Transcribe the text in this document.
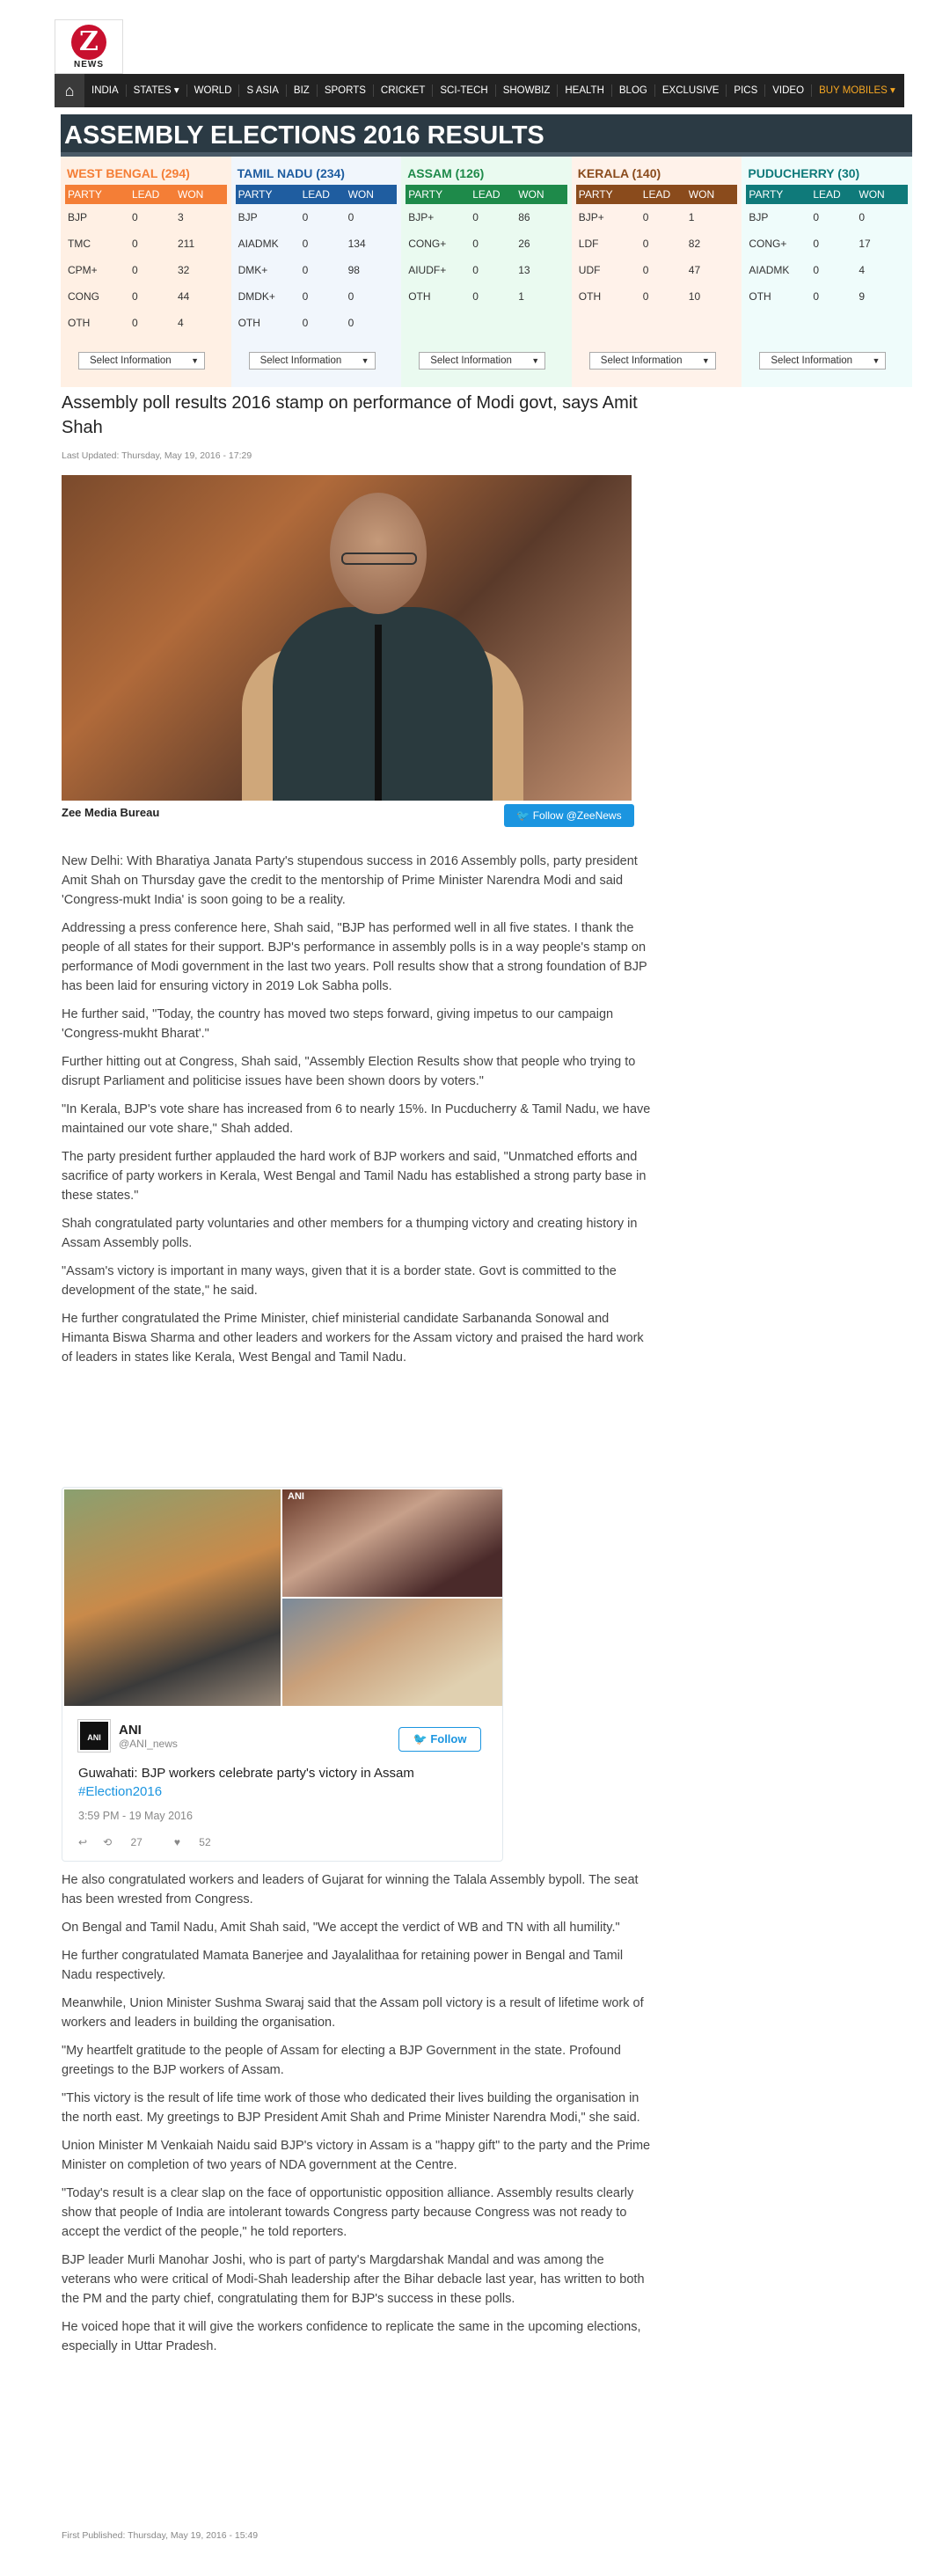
Z
NEWS
⌂	INDIA	STATES ▾	WORLD	S ASIA	BIZ	SPORTS	CRICKET	SCI-TECH	SHOWBIZ	HEALTH	BLOG	EXCLUSIVE	PICS	VIDEO	BUY MOBILES ▾
ASSEMBLY ELECTIONS 2016 RESULTS
WEST BENGAL (294)
PARTY	LEAD	WON
BJP	0	3
TMC	0	211
CPM+	0	32
CONG	0	44
OTH	0	4
Select Information ▼
TAMIL NADU (234)
PARTY	LEAD	WON
BJP	0	0
AIADMK	0	134
DMK+	0	98
DMDK+	0	0
OTH	0	0
Select Information ▼
ASSAM (126)
PARTY	LEAD	WON
BJP+	0	86
CONG+	0	26
AIUDF+	0	13
OTH	0	1
Select Information ▼
KERALA (140)
PARTY	LEAD	WON
BJP+	0	1
LDF	0	82
UDF	0	47
OTH	0	10
Select Information ▼
PUDUCHERRY (30)
PARTY	LEAD	WON
BJP	0	0
CONG+	0	17
AIADMK	0	4
OTH	0	9
Select Information ▼
Assembly poll results 2016 stamp on performance of Modi govt, says Amit Shah
Last Updated: Thursday, May 19, 2016 - 17:29
Zee Media Bureau	🐦 Follow @ZeeNews

New Delhi: With Bharatiya Janata Party's stupendous success in 2016 Assembly polls, party president Amit Shah on Thursday gave the credit to the mentorship of Prime Minister Narendra Modi and said 'Congress-mukt India' is soon going to be a reality.

Addressing a press conference here, Shah said, "BJP has performed well in all five states. I thank the people of all states for their support. BJP's performance in assembly polls is in a way people's stamp on performance of Modi government in the last two years. Poll results show that a strong foundation of BJP has been laid for ensuring victory in 2019 Lok Sabha polls.

He further said, "Today, the country has moved two steps forward, giving impetus to our campaign 'Congress-mukht Bharat'."

Further hitting out at Congress, Shah said, "Assembly Election Results show that people who trying to disrupt Parliament and politicise issues have been shown doors by voters."

"In Kerala, BJP's vote share has increased from 6 to nearly 15%. In Pucducherry & Tamil Nadu, we have maintained our vote share," Shah added.

The party president further applauded the hard work of BJP workers and said, "Unmatched efforts and sacrifice of party workers in Kerala, West Bengal and Tamil Nadu has established a strong party base in these states."

Shah congratulated party voluntaries and other members for a thumping victory and creating history in Assam Assembly polls.

"Assam's victory is important in many ways, given that it is a border state. Govt is committed to the development of the state," he said.

He further congratulated the Prime Minister, chief ministerial candidate Sarbananda Sonowal and Himanta Biswa Sharma and other leaders and workers for the Assam victory and praised the hard work of leaders in states like Kerala, West Bengal and Tamil Nadu.

ANI
ANI
ANI
@ANI_news	🐦 Follow
Guwahati: BJP workers celebrate party's victory in Assam
#Election2016
3:59 PM - 19 May 2016
↩ ⟲ 27	♥ 52

He also congratulated workers and leaders of Gujarat for winning the Talala Assembly bypoll. The seat has been wrested from Congress.

On Bengal and Tamil Nadu, Amit Shah said, "We accept the verdict of WB and TN with all humility."

He further congratulated Mamata Banerjee and Jayalalithaa for retaining power in Bengal and Tamil Nadu respectively.

Meanwhile, Union Minister Sushma Swaraj said that the Assam poll victory is a result of lifetime work of workers and leaders in building the organisation.

"My heartfelt gratitude to the people of Assam for electing a BJP Government in the state. Profound greetings to the BJP workers of Assam.

"This victory is the result of life time work of those who dedicated their lives building the organisation in the north east. My greetings to BJP President Amit Shah and Prime Minister Narendra Modi," she said.

Union Minister M Venkaiah Naidu said BJP's victory in Assam is a "happy gift" to the party and the Prime Minister on completion of two years of NDA government at the Centre.

"Today's result is a clear slap on the face of opportunistic opposition alliance. Assembly results clearly show that people of India are intolerant towards Congress party because Congress was not ready to accept the verdict of the people," he told reporters.

BJP leader Murli Manohar Joshi, who is part of party's Margdarshak Mandal and was among the veterans who were critical of Modi-Shah leadership after the Bihar debacle last year, has written to both the PM and the party chief, congratulating them for BJP's success in these polls.

He voiced hope that it will give the workers confidence to replicate the same in the upcoming elections, especially in Uttar Pradesh.

First Published: Thursday, May 19, 2016 - 15:49
